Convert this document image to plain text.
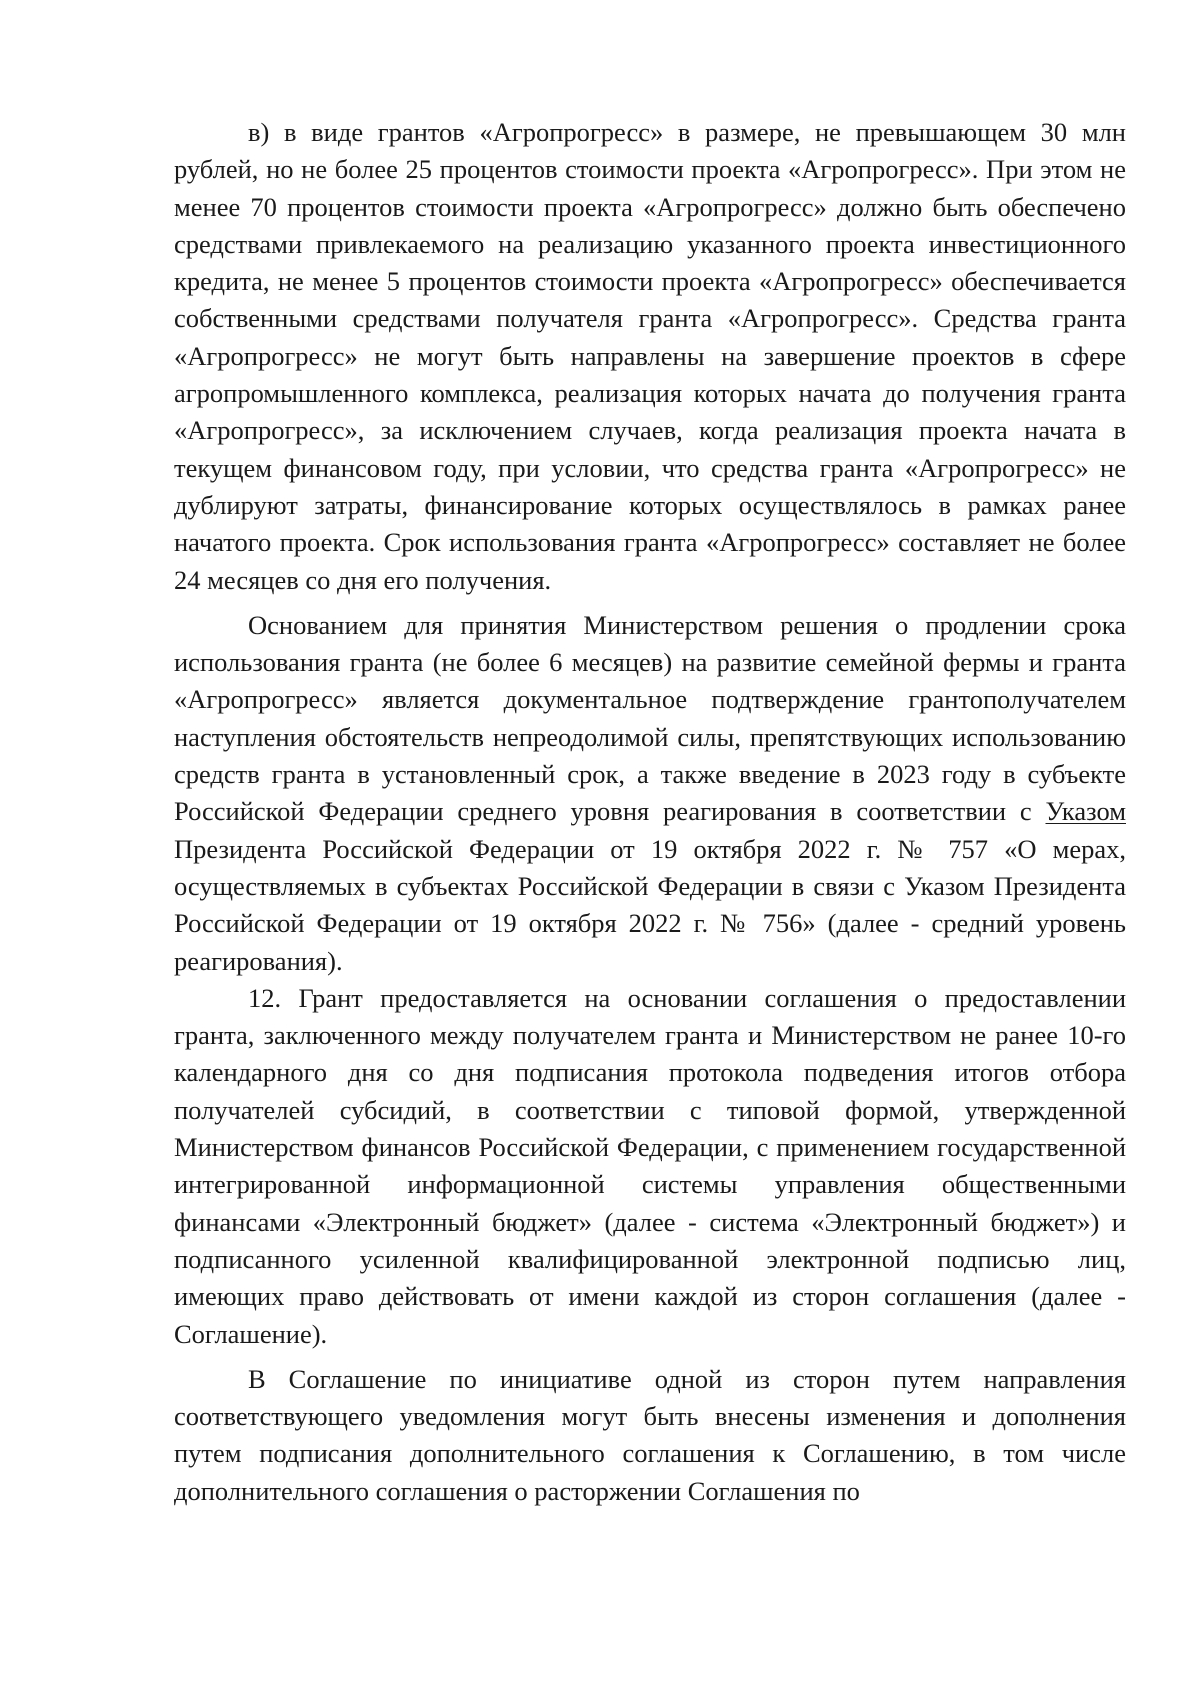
в) в виде грантов «Агропрогресс» в размере, не превышающем 30 млн рублей, но не более 25 процентов стоимости проекта «Агропрогресс». При этом не менее 70 процентов стоимости проекта «Агропрогресс» должно быть обеспечено средствами привлекаемого на реализацию указанного проекта инвестиционного кредита, не менее 5 процентов стоимости проекта «Агропрогресс» обеспечивается собственными средствами получателя гранта «Агропрогресс». Средства гранта «Агропрогресс» не могут быть направлены на завершение проектов в сфере агропромышленного комплекса, реализация которых начата до получения гранта «Агропрогресс», за исключением случаев, когда реализация проекта начата в текущем финансовом году, при условии, что средства гранта «Агропрогресс» не дублируют затраты, финансирование которых осуществлялось в рамках ранее начатого проекта. Срок использования гранта «Агропрогресс» составляет не более 24 месяцев со дня его получения.

Основанием для принятия Министерством решения о продлении срока использования гранта (не более 6 месяцев) на развитие семейной фермы и гранта «Агропрогресс» является документальное подтверждение грантополучателем наступления обстоятельств непреодолимой силы, препятствующих использованию средств гранта в установленный срок, а также введение в 2023 году в субъекте Российской Федерации среднего уровня реагирования в соответствии с Указом Президента Российской Федерации от 19 октября 2022 г. № 757 «О мерах, осуществляемых в субъектах Российской Федерации в связи с Указом Президента Российской Федерации от 19 октября 2022 г. № 756» (далее - средний уровень реагирования).

12. Грант предоставляется на основании соглашения о предоставлении гранта, заключенного между получателем гранта и Министерством не ранее 10-го календарного дня со дня подписания протокола подведения итогов отбора получателей субсидий, в соответствии с типовой формой, утвержденной Министерством финансов Российской Федерации, с применением государственной интегрированной информационной системы управления общественными финансами «Электронный бюджет» (далее - система «Электронный бюджет») и подписанного усиленной квалифицированной электронной подписью лиц, имеющих право действовать от имени каждой из сторон соглашения (далее - Соглашение).

В Соглашение по инициативе одной из сторон путем направления соответствующего уведомления могут быть внесены изменения и дополнения путем подписания дополнительного соглашения к Соглашению, в том числе дополнительного соглашения о расторжении Соглашения по
